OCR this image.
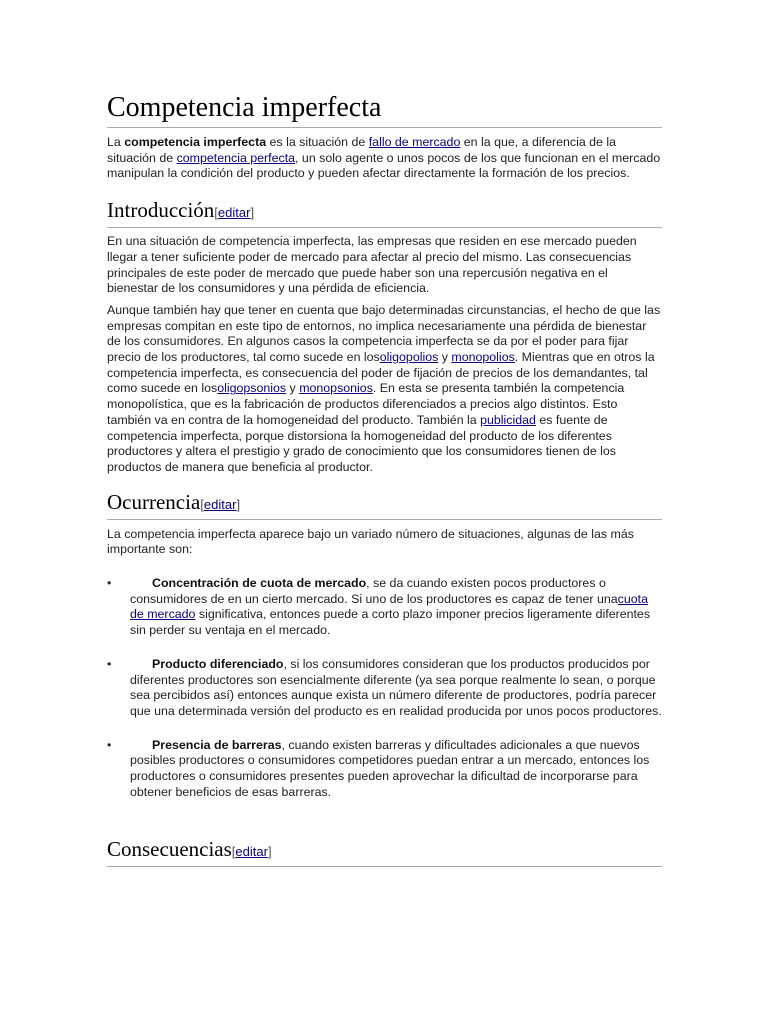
Competencia imperfecta

La competencia imperfecta es la situación de fallo de mercado en la que, a diferencia de la situación de competencia perfecta, un solo agente o unos pocos de los que funcionan en el mercado manipulan la condición del producto y pueden afectar directamente la formación de los precios.

Introducción[editar]

En una situación de competencia imperfecta, las empresas que residen en ese mercado pueden llegar a tener suficiente poder de mercado para afectar al precio del mismo. Las consecuencias principales de este poder de mercado que puede haber son una repercusión negativa en el bienestar de los consumidores y una pérdida de eficiencia.

Aunque también hay que tener en cuenta que bajo determinadas circunstancias, el hecho de que las empresas compitan en este tipo de entornos, no implica necesariamente una pérdida de bienestar de los consumidores. En algunos casos la competencia imperfecta se da por el poder para fijar precio de los productores, tal como sucede en losoligopolios y monopolios. Mientras que en otros la competencia imperfecta, es consecuencia del poder de fijación de precios de los demandantes, tal como sucede en losoligopsonios y monopsonios. En esta se presenta también la competencia monopolística, que es la fabricación de productos diferenciados a precios algo distintos. Esto también va en contra de la homogeneidad del producto. También la publicidad es fuente de competencia imperfecta, porque distorsiona la homogeneidad del producto de los diferentes productores y altera el prestigio y grado de conocimiento que los consumidores tienen de los productos de manera que beneficia al productor.

Ocurrencia[editar]

La competencia imperfecta aparece bajo un variado número de situaciones, algunas de las más importante son:

•	Concentración de cuota de mercado, se da cuando existen pocos productores o consumidores de en un cierto mercado. Si uno de los productores es capaz de tener unacuota de mercado significativa, entonces puede a corto plazo imponer precios ligeramente diferentes sin perder su ventaja en el mercado.

•	Producto diferenciado, si los consumidores consideran que los productos producidos por diferentes productores son esencialmente diferente (ya sea porque realmente lo sean, o porque sea percibidos así) entonces aunque exista un número diferente de productores, podría parecer que una determinada versión del producto es en realidad producida por unos pocos productores.

•	Presencia de barreras, cuando existen barreras y dificultades adicionales a que nuevos posibles productores o consumidores competidores puedan entrar a un mercado, entonces los productores o consumidores presentes pueden aprovechar la dificultad de incorporarse para obtener beneficios de esas barreras.

Consecuencias[editar]
